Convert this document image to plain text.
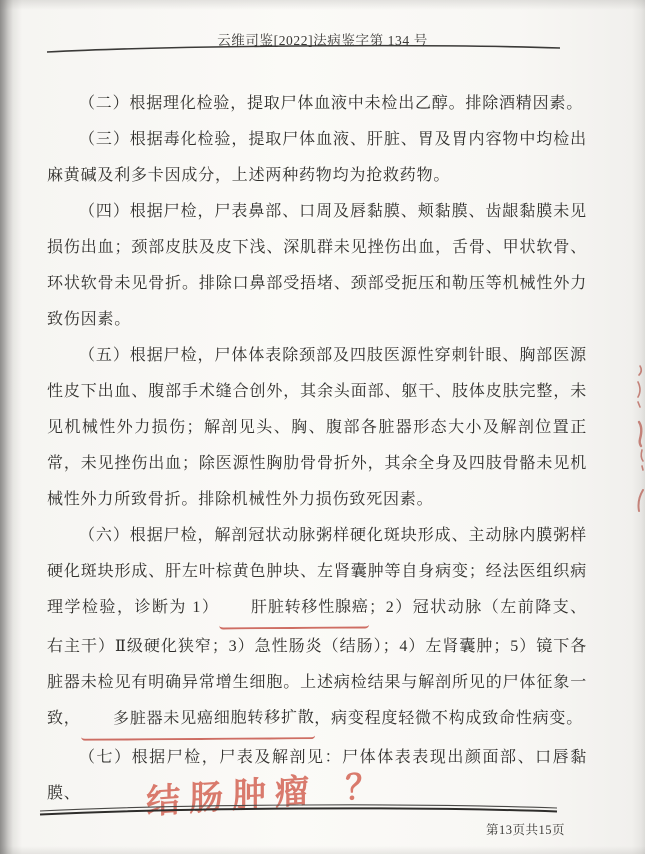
云维司鉴[2022]法病鉴字第 134 号

（二）根据理化检验，提取尸体血液中未检出乙醇。排除酒精因素。

（三）根据毒化检验，提取尸体血液、肝脏、胃及胃内容物中均检出麻黄碱及利多卡因成分，上述两种药物均为抢救药物。

（四）根据尸检，尸表鼻部、口周及唇黏膜、颊黏膜、齿龈黏膜未见损伤出血；颈部皮肤及皮下浅、深肌群未见挫伤出血，舌骨、甲状软骨、环状软骨未见骨折。排除口鼻部受捂堵、颈部受扼压和勒压等机械性外力致伤因素。

（五）根据尸检，尸体体表除颈部及四肢医源性穿刺针眼、胸部医源性皮下出血、腹部手术缝合创外，其余头面部、躯干、肢体皮肤完整，未见机械性外力损伤；解剖见头、胸、腹部各脏器形态大小及解剖位置正常，未见挫伤出血；除医源性胸肋骨骨折外，其余全身及四肢骨骼未见机械性外力所致骨折。排除机械性外力损伤致死因素。

（六）根据尸检，解剖冠状动脉粥样硬化斑块形成、主动脉内膜粥样硬化斑块形成、肝左叶棕黄色肿块、左肾囊肿等自身病变；经法医组织病理学检验，诊断为 1） 肝脏转移性腺癌；2）冠状动脉（左前降支、右主干）Ⅱ级硬化狭窄；3）急性肠炎（结肠）；4）左肾囊肿；5）镜下各脏器未检见有明确异常增生细胞。上述病检结果与解剖所见的尸体征象一致， 多脏器未见癌细胞转移扩散，病变程度轻微不构成致命性病变。

（七）根据尸检，尸表及解剖见：尸体体表表现出颜面部、口唇黏膜、	结肠肿瘤 ？
第13页共15页
